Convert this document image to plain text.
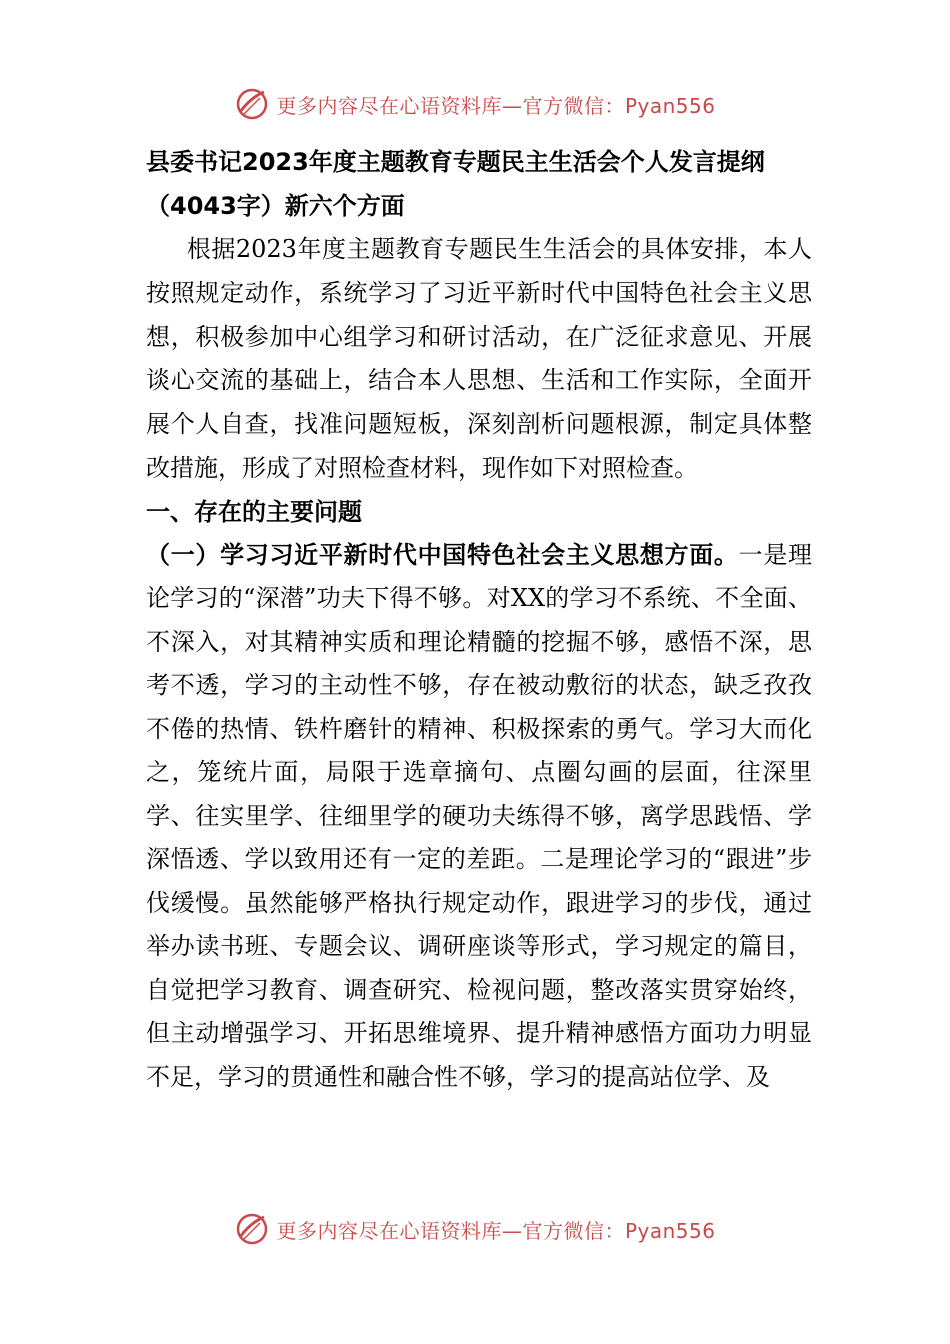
更多内容尽在心语资料库—官方微信：Pyan556

县委书记2023年度主题教育专题民主生活会个人发言提纲（4043字）新六个方面

根据2023年度主题教育专题民生生活会的具体安排，本人按照规定动作，系统学习了习近平新时代中国特色社会主义思想，积极参加中心组学习和研讨活动，在广泛征求意见、开展谈心交流的基础上，结合本人思想、生活和工作实际，全面开展个人自查，找准问题短板，深刻剖析问题根源，制定具体整改措施，形成了对照检查材料，现作如下对照检查。

一、存在的主要问题

（一）学习习近平新时代中国特色社会主义思想方面。一是理论学习的“深潜”功夫下得不够。对XX的学习不系统、不全面、不深入，对其精神实质和理论精髓的挖掘不够，感悟不深，思考不透，学习的主动性不够，存在被动敷衍的状态，缺乏孜孜不倦的热情、铁杵磨针的精神、积极探索的勇气。学习大而化之，笼统片面，局限于选章摘句、点圈勾画的层面，往深里学、往实里学、往细里学的硬功夫练得不够，离学思践悟、学深悟透、学以致用还有一定的差距。二是理论学习的“跟进”步伐缓慢。虽然能够严格执行规定动作，跟进学习的步伐，通过举办读书班、专题会议、调研座谈等形式，学习规定的篇目，自觉把学习教育、调查研究、检视问题，整改落实贯穿始终，但主动增强学习、开拓思维境界、提升精神感悟方面功力明显不足，学习的贯通性和融合性不够，学习的提高站位学、及

更多内容尽在心语资料库—官方微信：Pyan556
